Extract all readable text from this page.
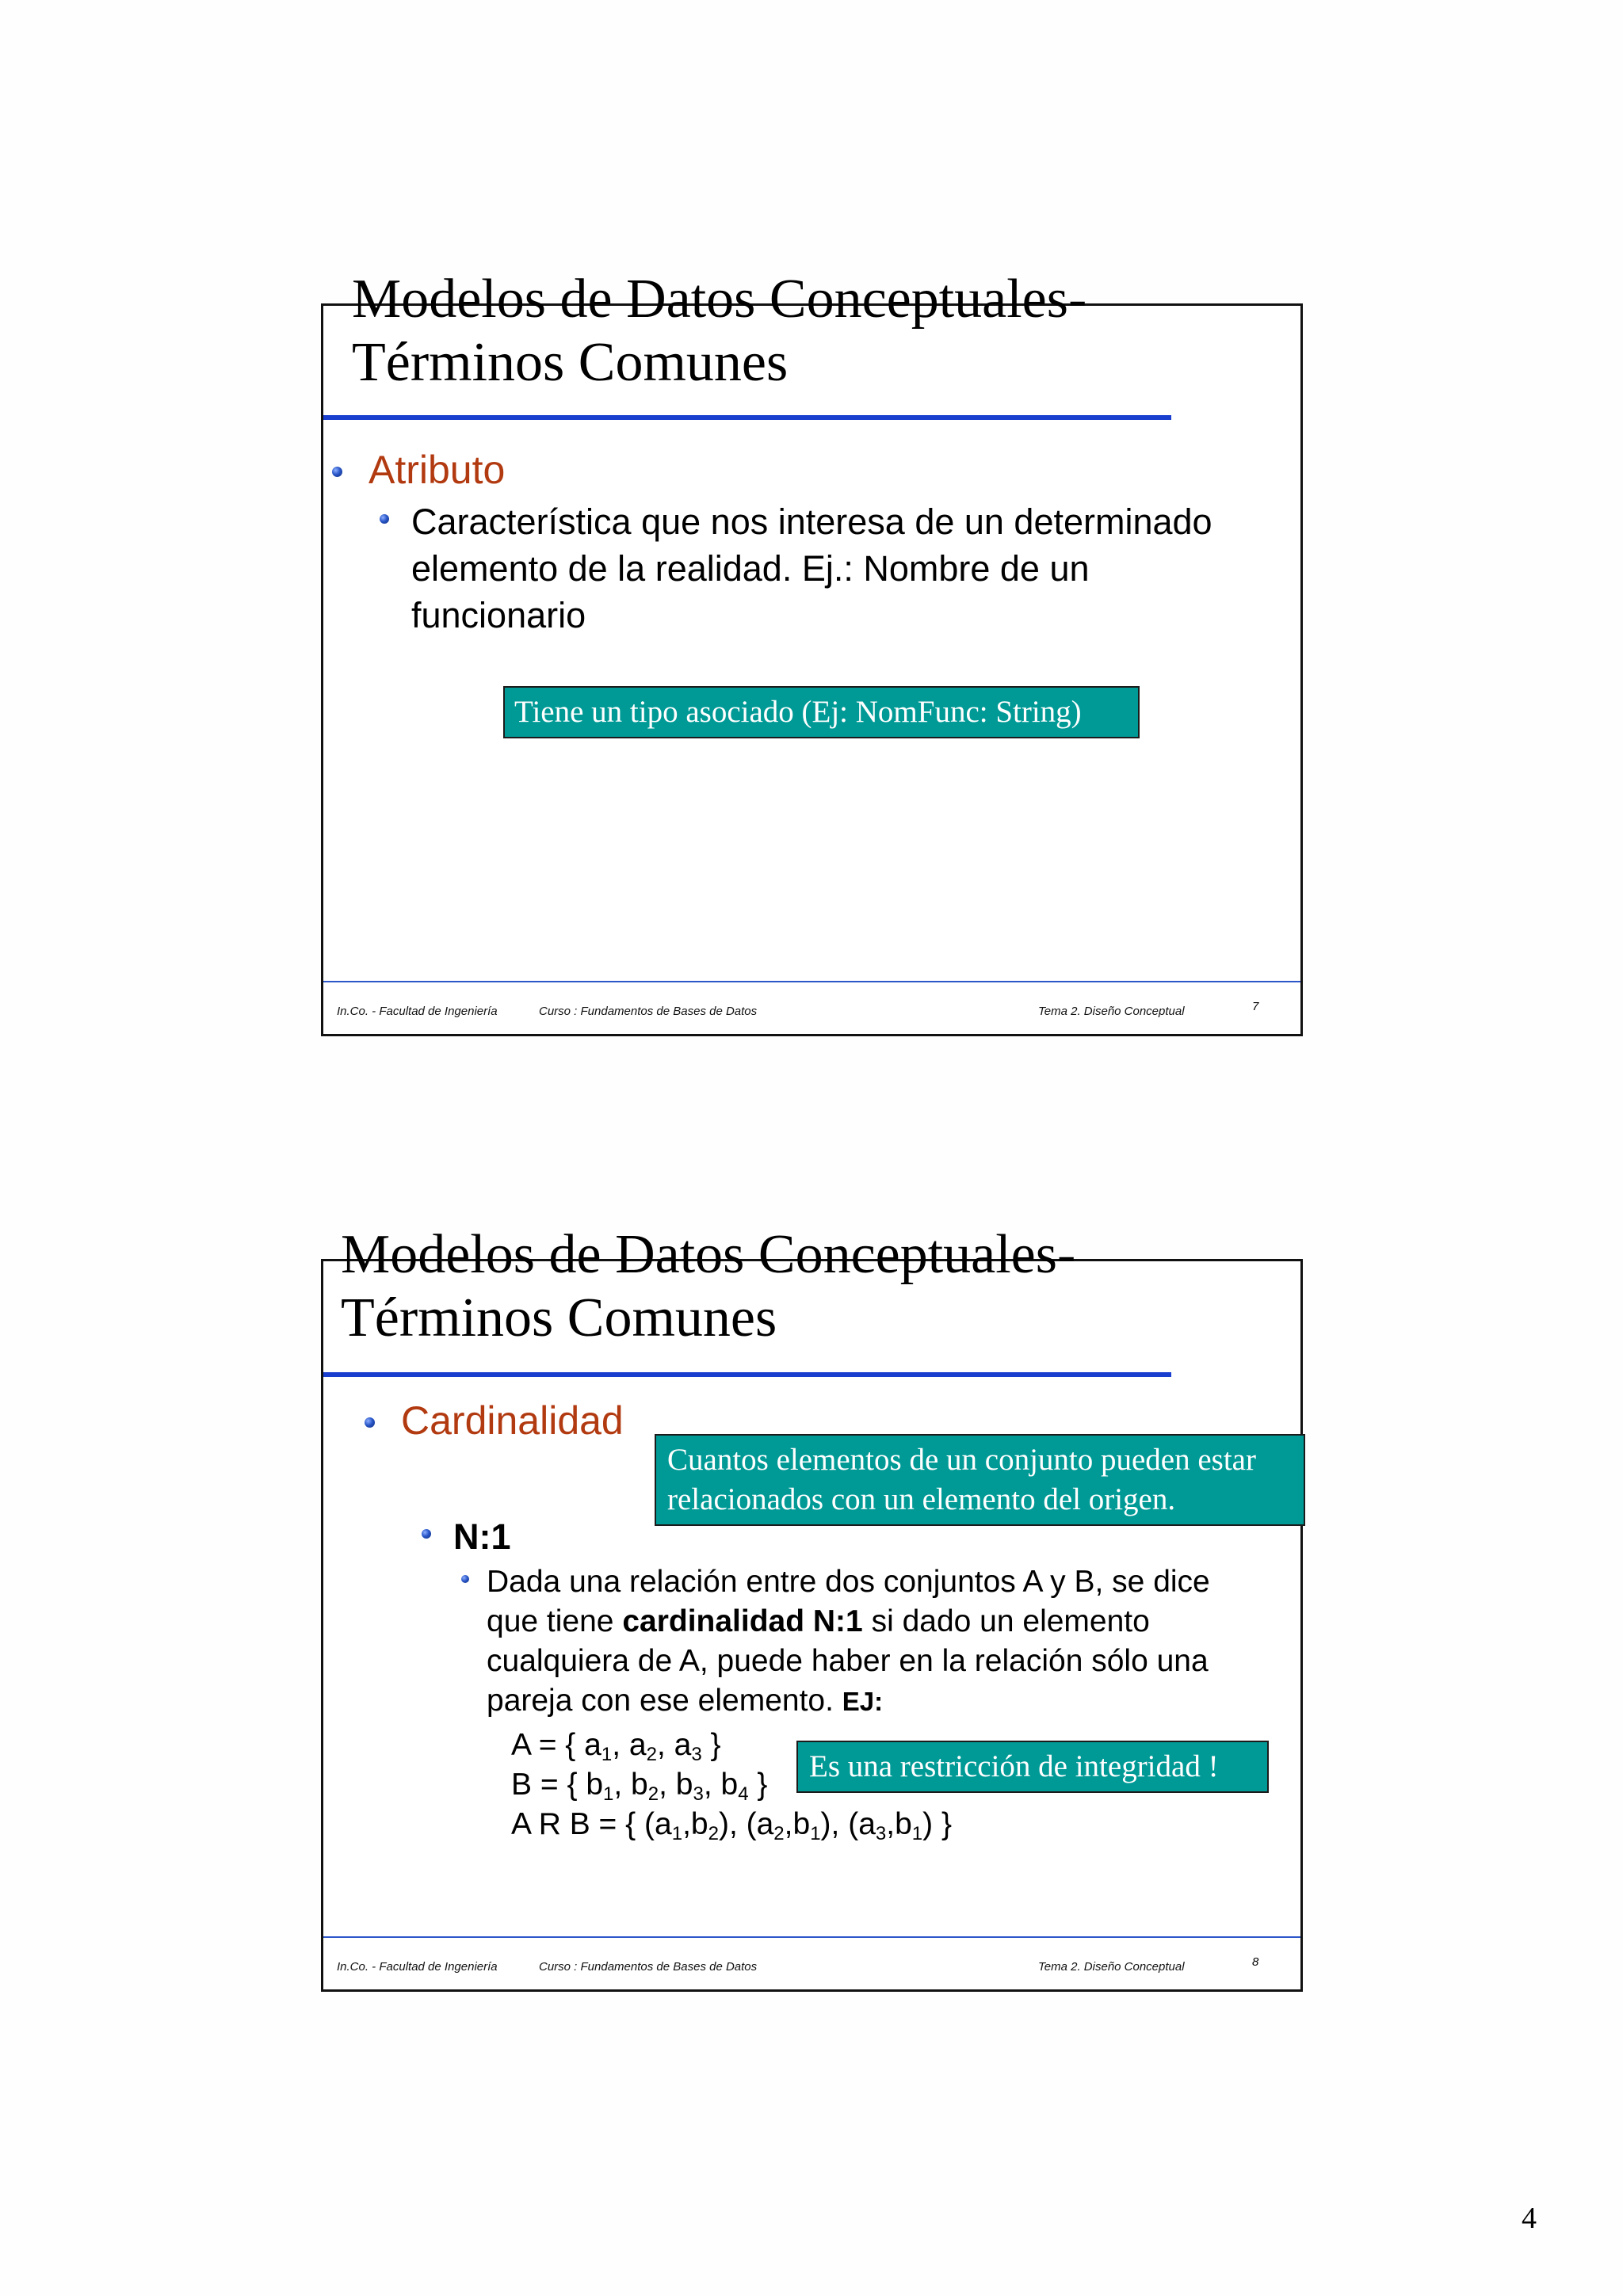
Modelos de Datos Conceptuales-
Términos Comunes
Atributo
Característica que nos interesa de un determinado
elemento de la realidad. Ej.: Nombre de un
funcionario
Tiene un tipo asociado (Ej: NomFunc: String)
In.Co. - Facultad de Ingeniería	Curso : Fundamentos de Bases de Datos	Tema 2. Diseño Conceptual	7
Modelos de Datos Conceptuales-
Términos Comunes
Cardinalidad
Cuantos elementos de un conjunto pueden estar
relacionados con un elemento del origen.
N:1
Dada una relación entre dos conjuntos A y B, se dice
que tiene cardinalidad N:1 si dado un elemento
cualquiera de A, puede haber en la relación sólo una
pareja con ese elemento. EJ:
A = { $a_1$, $a_2$, $a_3$ }
B = { $b_1$, $b_2$, $b_3$, $b_4$ }
A R B = { $(a_1,b_2)$, $(a_2,b_1)$, $(a_3,b_1)$ }
Es una restricción de integridad !
In.Co. - Facultad de Ingeniería	Curso : Fundamentos de Bases de Datos	Tema 2. Diseño Conceptual	8
4
